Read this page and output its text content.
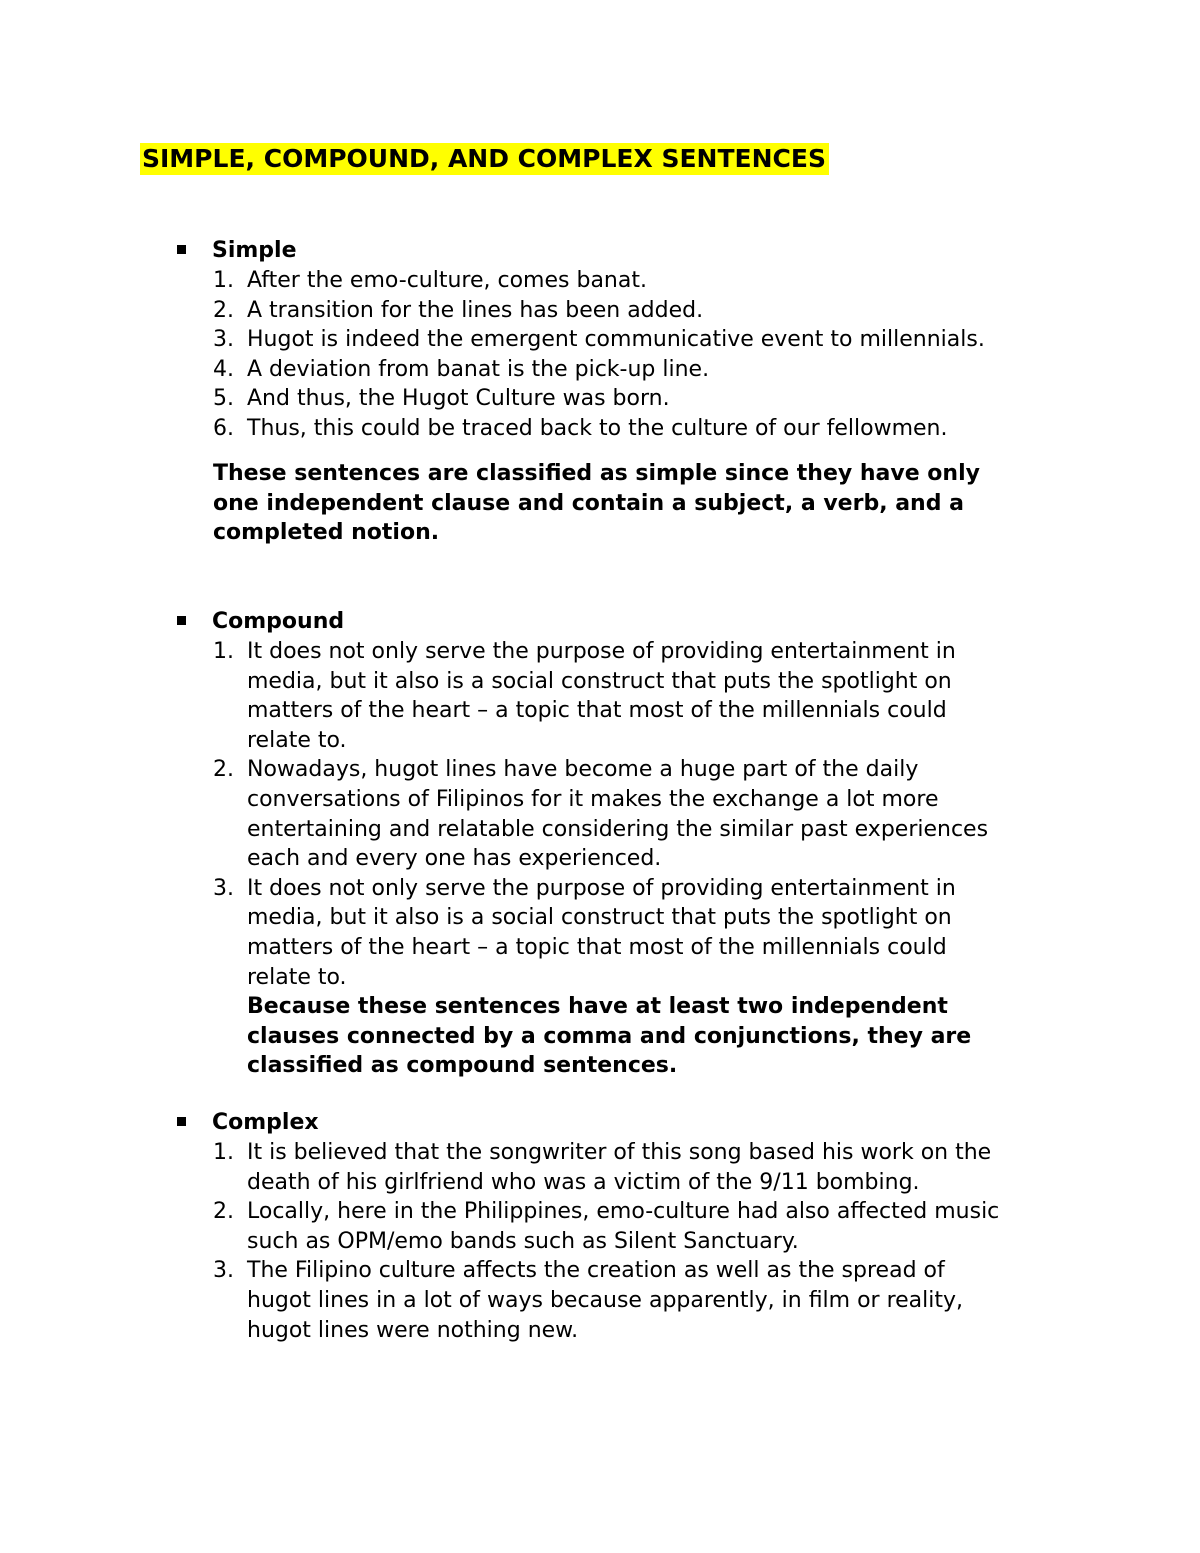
SIMPLE, COMPOUND, AND COMPLEX SENTENCES
Simple
1. After the emo-culture, comes banat.
2. A transition for the lines has been added.
3. Hugot is indeed the emergent communicative event to millennials.
4. A deviation from banat is the pick-up line.
5. And thus, the Hugot Culture was born.
6. Thus, this could be traced back to the culture of our fellowmen.
These sentences are classified as simple since they have only
one independent clause and contain a subject, a verb, and a
completed notion.
Compound
1. It does not only serve the purpose of providing entertainment in
media, but it also is a social construct that puts the spotlight on
matters of the heart – a topic that most of the millennials could
relate to.
2. Nowadays, hugot lines have become a huge part of the daily
conversations of Filipinos for it makes the exchange a lot more
entertaining and relatable considering the similar past experiences
each and every one has experienced.
3. It does not only serve the purpose of providing entertainment in
media, but it also is a social construct that puts the spotlight on
matters of the heart – a topic that most of the millennials could
relate to.
Because these sentences have at least two independent
clauses connected by a comma and conjunctions, they are
classified as compound sentences.
Complex
1. It is believed that the songwriter of this song based his work on the
death of his girlfriend who was a victim of the 9/11 bombing.
2. Locally, here in the Philippines, emo-culture had also affected music
such as OPM/emo bands such as Silent Sanctuary.
3. The Filipino culture affects the creation as well as the spread of
hugot lines in a lot of ways because apparently, in film or reality,
hugot lines were nothing new.
